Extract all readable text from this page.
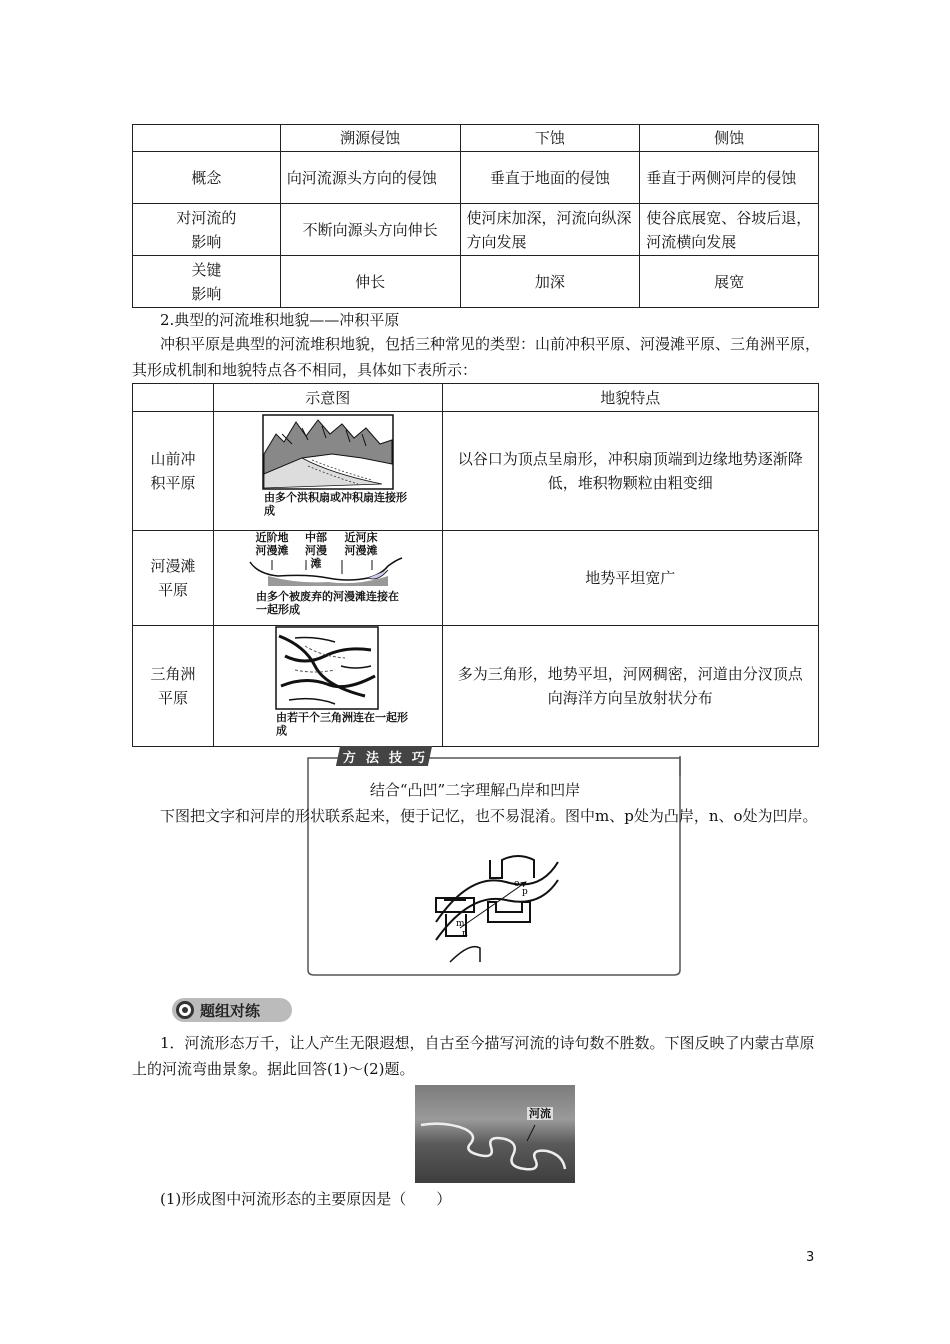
	溯源侵蚀	下蚀	侧蚀
概念	向河流源头方向的侵蚀	垂直于地面的侵蚀	垂直于两侧河岸的侵蚀

对河流的影响	不断向源头方向伸长	使河床加深，河流向纵深方向发展	使谷底展宽、谷坡后退，河流横向发展

关键影响	伸长	加深	展宽

2.典型的河流堆积地貌——冲积平原

冲积平原是典型的河流堆积地貌，包括三种常见的类型：山前冲积平原、河漫滩平原、三角洲平原，其形成机制和地貌特点各不相同，具体如下表所示：

	示意图	地貌特点

山前冲积平原		以谷口为顶点呈扇形，冲积扇顶端到边缘地势逐渐降低，堆积物颗粒由粗变细

河漫滩平原		地势平坦宽广

三角洲平原		多为三角形，地势平坦，河网稠密，河道由分汊顶点向海洋方向呈放射状分布
由多个洪积扇或冲积扇连接形成
近阶地河漫滩
中部河漫滩
近河床河漫滩
由多个被废弃的河漫滩连接在一起形成
由若干个三角洲连在一起形成
方 法 技 巧

结合“凸凹”二字理解凸岸和凹岸

下图把文字和河岸的形状联系起来，便于记忆，也不易混淆。图中m、p处为凸岸，n、o处为凹岸。

m
n
o
p
题组对练

1．河流形态万千，让人产生无限遐想，自古至今描写河流的诗句数不胜数。下图反映了内蒙古草原上的河流弯曲景象。据此回答(1)～(2)题。

河流

(1)形成图中河流形态的主要原因是（　　）

3
